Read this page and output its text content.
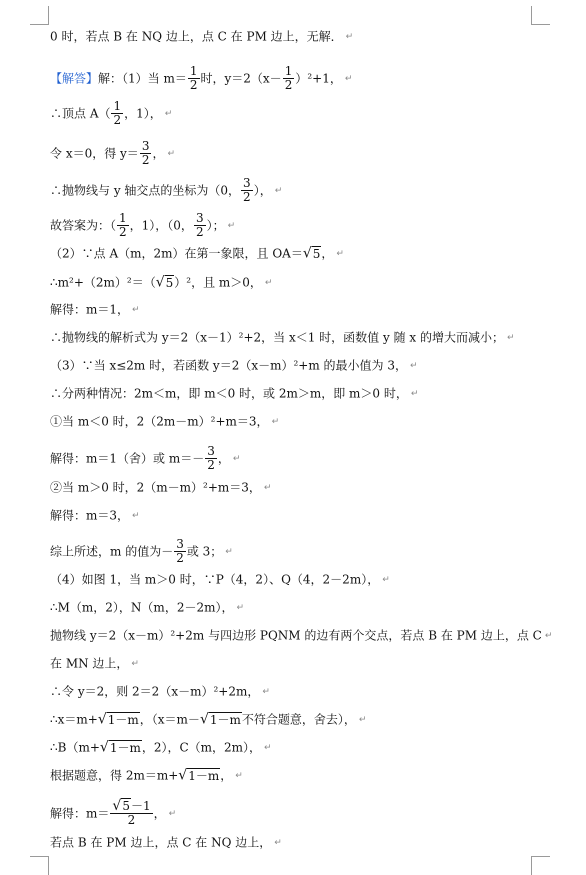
0 时，若点 B 在 NQ 边上，点 C 在 PM 边上，无解． ↵
【解答】解：（1）当 $m= \frac{1}{2}$ 时，$y=2(x- \frac{1}{2} )^2+1$， ↵
∴顶点 $A( \frac{1}{2}$ ，1）， ↵
令 x＝0，得 $y= \frac{3}{2}$ ， ↵
∴抛物线与 y 轴交点的坐标为（0， $\frac{3}{2}$ ）， ↵
故答案为：（ $\frac{1}{2}$ ，1），（0， $\frac{3}{2}$ ）； ↵
（2）∵点 A（m，2m）在第一象限，且 OA＝√5， ↵
∴m²+（2m）²＝（√5）²，且 m＞0， ↵
解得：m＝1， ↵
∴抛物线的解析式为 y＝2（x－1）²+2，当 x＜1 时，函数值 y 随 x 的增大而减小； ↵
（3）∵当 x≤2m 时，若函数 y＝2（x－m）²+m 的最小值为 3， ↵
∴分两种情况：2m＜m，即 m＜0 时，或 2m＞m，即 m＞0 时， ↵
①当 m＜0 时，2（2m－m）²+m＝3， ↵
解得：m＝1（舍）或 $m=- \frac{3}{2}$ ， ↵
②当 m＞0 时，2（m－m）²+m＝3， ↵
解得：m＝3， ↵
综上所述，m 的值为－ $\frac{3}{2}$ 或 3； ↵
（4）如图 1，当 m＞0 时，∵P（4，2）、Q（4，2－2m）， ↵
∴M（m，2），N（m，2－2m）， ↵
抛物线 y＝2（x－m）²+2m 与四边形 PQNM 的边有两个交点，若点 B 在 PM 边上，点 C ↵
在 MN 边上， ↵
∴令 y＝2，则 2＝2（x－m）²+2m， ↵
∴x＝m+√1－m，（x＝m－√1－m不符合题意，舍去）， ↵
∴B（m+√1－m，2），C（m，2m）， ↵
根据题意，得 2m＝m+√1－m， ↵
解得：$m= \frac{√5-1}{2}$ ， ↵
若点 B 在 PM 边上，点 C 在 NQ 边上， ↵
